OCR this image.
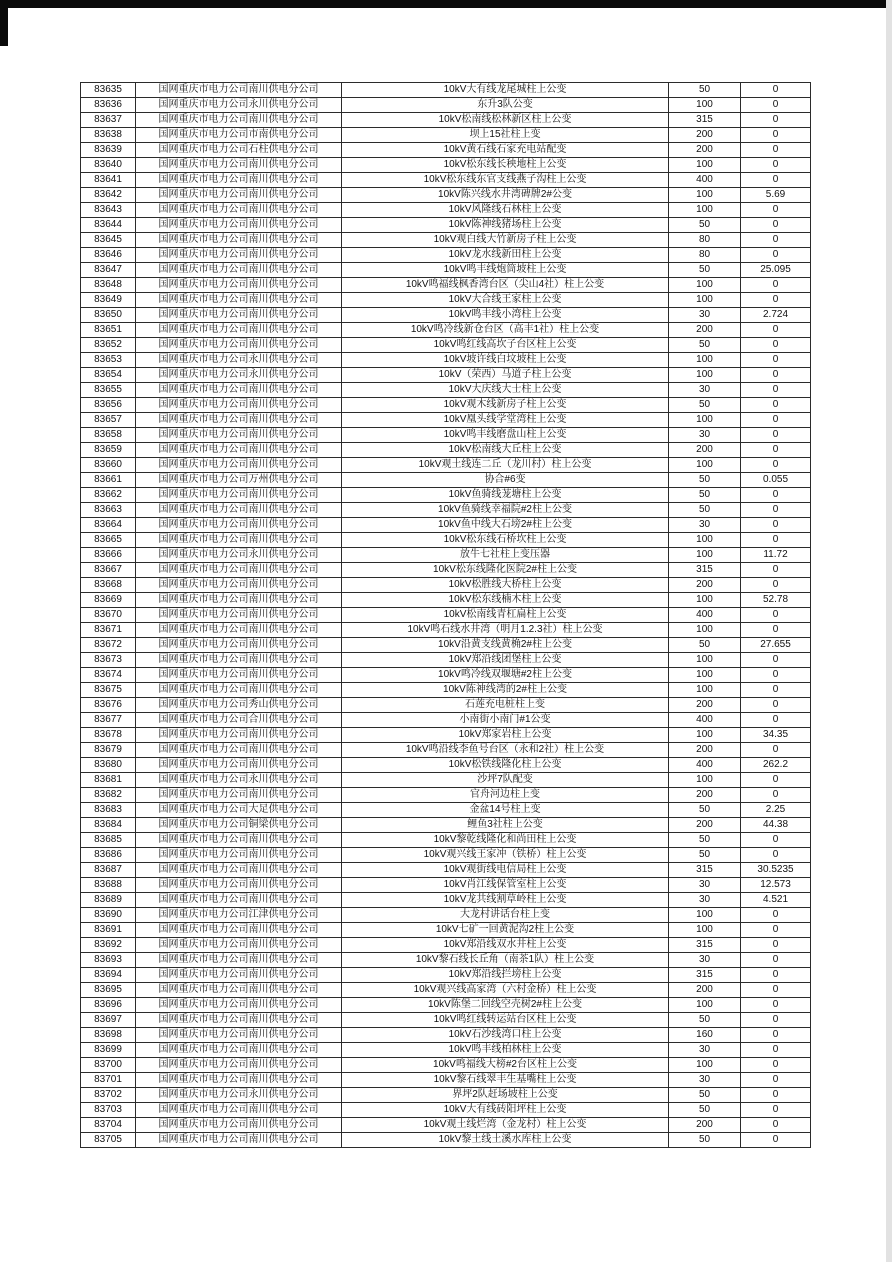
83635	国网重庆市电力公司南川供电分公司	10kV大有线龙尾城柱上公变	50	0
83636	国网重庆市电力公司永川供电分公司	东升3队公变	100	0
83637	国网重庆市电力公司南川供电分公司	10kV松南线松林新区柱上公变	315	0
83638	国网重庆市电力公司市南供电分公司	坝上15社柱上变	200	0
83639	国网重庆市电力公司石柱供电分公司	10kV黄石线石家充电站配变	200	0
83640	国网重庆市电力公司南川供电分公司	10kV松东线长秧地柱上公变	100	0
83641	国网重庆市电力公司南川供电分公司	10kV松东线东官支线燕子沟柱上公变	400	0
83642	国网重庆市电力公司南川供电分公司	10kV陈兴线水井湾碑牌2#公变	100	5.69
83643	国网重庆市电力公司南川供电分公司	10kV风隆线石林柱上公变	100	0
83644	国网重庆市电力公司南川供电分公司	10kV陈神线猪场柱上公变	50	0
83645	国网重庆市电力公司南川供电分公司	10kV观白线大竹新房子柱上公变	80	0
83646	国网重庆市电力公司南川供电分公司	10kV龙水线新田柱上公变	80	0
83647	国网重庆市电力公司南川供电分公司	10kV鸣丰线炮筒坡柱上公变	50	25.095
83648	国网重庆市电力公司南川供电分公司	10kV鸣福线枫香湾台区（尖山4社）柱上公变	100	0
83649	国网重庆市电力公司南川供电分公司	10kV大合线王家柱上公变	100	0
83650	国网重庆市电力公司南川供电分公司	10kV鸣丰线小湾柱上公变	30	2.724
83651	国网重庆市电力公司南川供电分公司	10kV鸣冷线新仓台区（高丰1社）柱上公变	200	0
83652	国网重庆市电力公司南川供电分公司	10kV鸣红线高坎子台区柱上公变	50	0
83653	国网重庆市电力公司永川供电分公司	10kV坡许线白坟坡柱上公变	100	0
83654	国网重庆市电力公司永川供电分公司	10kV（荣西）马道子柱上公变	100	0
83655	国网重庆市电力公司南川供电分公司	10kV大庆线大士柱上公变	30	0
83656	国网重庆市电力公司南川供电分公司	10kV观木线新房子柱上公变	50	0
83657	国网重庆市电力公司南川供电分公司	10kV凰头线学堂湾柱上公变	100	0
83658	国网重庆市电力公司南川供电分公司	10kV鸣丰线磨盘山柱上公变	30	0
83659	国网重庆市电力公司南川供电分公司	10kV松南线大丘柱上公变	200	0
83660	国网重庆市电力公司南川供电分公司	10kV观土线连二丘（龙川村）柱上公变	100	0
83661	国网重庆市电力公司万州供电分公司	协合#6变	50	0.055
83662	国网重庆市电力公司南川供电分公司	10kV鱼骑线茏塘柱上公变	50	0
83663	国网重庆市电力公司南川供电分公司	10kV鱼骑线幸福院#2柱上公变	50	0
83664	国网重庆市电力公司南川供电分公司	10kV鱼中线大石塝2#柱上公变	30	0
83665	国网重庆市电力公司南川供电分公司	10kV松东线石桥坎柱上公变	100	0
83666	国网重庆市电力公司永川供电分公司	放牛七社柱上变压器	100	11.72
83667	国网重庆市电力公司南川供电分公司	10kV松东线隆化医院2#柱上公变	315	0
83668	国网重庆市电力公司南川供电分公司	10kV松胜线大桥柱上公变	200	0
83669	国网重庆市电力公司南川供电分公司	10kV松东线楠木柱上公变	100	52.78
83670	国网重庆市电力公司南川供电分公司	10kV松南线青杠扁柱上公变	400	0
83671	国网重庆市电力公司南川供电分公司	10kV鸣石线水井湾（明月1.2.3社）柱上公变	100	0
83672	国网重庆市电力公司南川供电分公司	10kV沿黄支线黄桷2#柱上公变	50	27.655
83673	国网重庆市电力公司南川供电分公司	10kV郑沿线团堡柱上公变	100	0
83674	国网重庆市电力公司南川供电分公司	10kV鸣冷线双堰塘#2柱上公变	100	0
83675	国网重庆市电力公司南川供电分公司	10kV陈神线湾的2#柱上公变	100	0
83676	国网重庆市电力公司秀山供电分公司	石莲充电桩柱上变	200	0
83677	国网重庆市电力公司合川供电分公司	小南街小南门#1公变	400	0
83678	国网重庆市电力公司南川供电分公司	10kV郑家岩柱上公变	100	34.35
83679	国网重庆市电力公司南川供电分公司	10kV鸣沿线李鱼号台区（永和2社）柱上公变	200	0
83680	国网重庆市电力公司南川供电分公司	10kV松铁线隆化柱上公变	400	262.2
83681	国网重庆市电力公司永川供电分公司	沙坪7队配变	100	0
83682	国网重庆市电力公司南川供电分公司	官舟河边柱上变	200	0
83683	国网重庆市电力公司大足供电分公司	金盆14号柱上变	50	2.25
83684	国网重庆市电力公司铜梁供电分公司	鲤鱼3社柱上公变	200	44.38
83685	国网重庆市电力公司南川供电分公司	10kV黎乾线隆化和尚田柱上公变	50	0
83686	国网重庆市电力公司南川供电分公司	10kV观兴线王家冲（铁桥）柱上公变	50	0
83687	国网重庆市电力公司南川供电分公司	10kV观街线电信局柱上公变	315	30.5235
83688	国网重庆市电力公司南川供电分公司	10kV肖江线保管室柱上公变	30	12.573
83689	国网重庆市电力公司南川供电分公司	10kV龙共线割草岭柱上公变	30	4.521
83690	国网重庆市电力公司江津供电分公司	大龙村讲话台柱上变	100	0
83691	国网重庆市电力公司南川供电分公司	10kV七矿一回黄泥沟2柱上公变	100	0
83692	国网重庆市电力公司南川供电分公司	10kV郑沿线双水井柱上公变	315	0
83693	国网重庆市电力公司南川供电分公司	10kV黎石线长丘角（南茶1队）柱上公变	30	0
83694	国网重庆市电力公司南川供电分公司	10kV郑沿线拦塝柱上公变	315	0
83695	国网重庆市电力公司南川供电分公司	10kV观兴线高家湾（六村金桥）柱上公变	200	0
83696	国网重庆市电力公司南川供电分公司	10kV陈堡二回线空壳树2#柱上公变	100	0
83697	国网重庆市电力公司南川供电分公司	10kV鸣红线转运站台区柱上公变	50	0
83698	国网重庆市电力公司南川供电分公司	10kV石沙线湾口柱上公变	160	0
83699	国网重庆市电力公司南川供电分公司	10kV鸣丰线柏林柱上公变	30	0
83700	国网重庆市电力公司南川供电分公司	10kV鸣福线大榜#2台区柱上公变	100	0
83701	国网重庆市电力公司南川供电分公司	10kV黎石线翠丰生基嘴柱上公变	30	0
83702	国网重庆市电力公司永川供电分公司	界坪2队赶场坡柱上公变	50	0
83703	国网重庆市电力公司南川供电分公司	10kV大有线砖阳坪柱上公变	50	0
83704	国网重庆市电力公司南川供电分公司	10kV观土线烂湾（金龙村）柱上公变	200	0
83705	国网重庆市电力公司南川供电分公司	10kV黎土线土溪水库柱上公变	50	0
